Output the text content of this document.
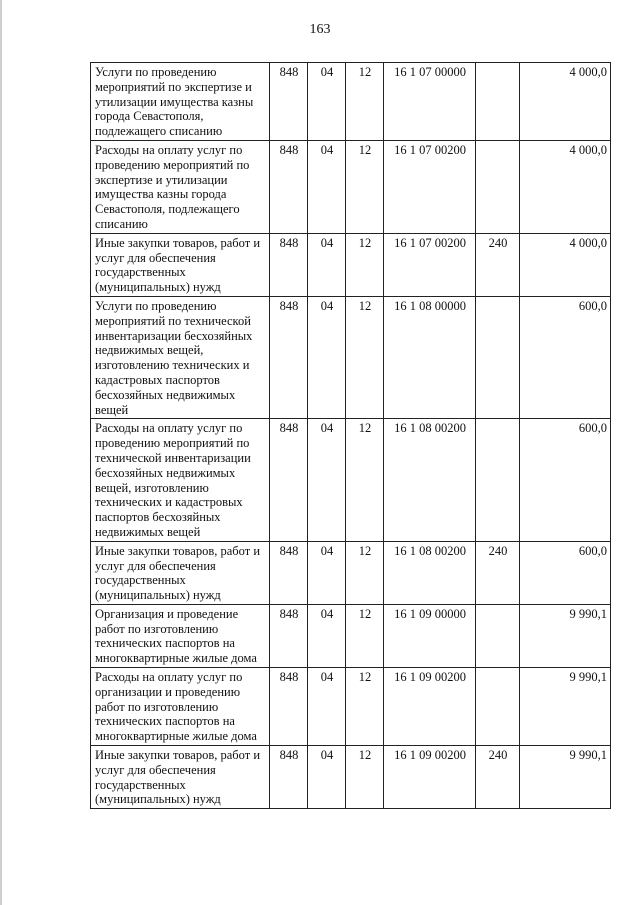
163
Услуги по проведению мероприятий по экспертизе и утилизации имущества казны города Севастополя, подлежащего списанию	848	04	12	16 1 07 00000		4 000,0
Расходы на оплату услуг по проведению мероприятий по экспертизе и утилизации имущества казны города Севастополя, подлежащего списанию	848	04	12	16 1 07 00200		4 000,0
Иные закупки товаров, работ и услуг для обеспечения государственных (муниципальных) нужд	848	04	12	16 1 07 00200	240	4 000,0
Услуги по проведению мероприятий по технической инвентаризации бесхозяйных недвижимых вещей, изготовлению технических и кадастровых паспортов бесхозяйных недвижимых вещей	848	04	12	16 1 08 00000		600,0
Расходы на оплату услуг по проведению мероприятий по технической инвентаризации бесхозяйных недвижимых вещей, изготовлению технических и кадастровых паспортов бесхозяйных недвижимых вещей	848	04	12	16 1 08 00200		600,0
Иные закупки товаров, работ и услуг для обеспечения государственных (муниципальных) нужд	848	04	12	16 1 08 00200	240	600,0
Организация и проведение работ по изготовлению технических паспортов на многоквартирные жилые дома	848	04	12	16 1 09 00000		9 990,1
Расходы на оплату услуг по организации и проведению работ по изготовлению технических паспортов на многоквартирные жилые дома	848	04	12	16 1 09 00200		9 990,1
Иные закупки товаров, работ и услуг для обеспечения государственных (муниципальных) нужд	848	04	12	16 1 09 00200	240	9 990,1
